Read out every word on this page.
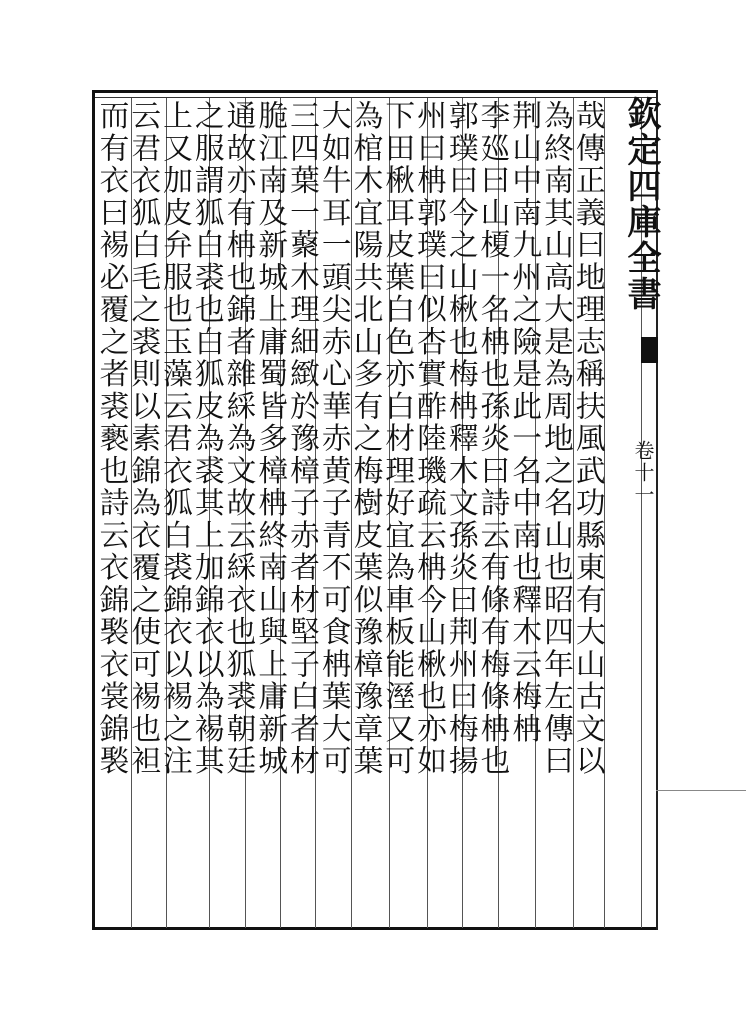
欽定四庫全書
卷十一
哉傳正義曰地理志稱扶風武功縣東有大山古文以
為終南其山高大是為周地之名山也昭四年左傳曰
荆山中南九州之險是此一名中南也釋木云梅柟
李廵曰山榎一名柟也孫炎曰詩云有條有梅條柟也
郭璞曰今之山楸也梅柟釋木文孫炎曰荆州曰梅揚
州曰柟郭璞曰似杏實酢陸璣疏云柟今山楸也亦如
下田楸耳皮葉白色亦白材理好宜為車板能溼又可
為棺木宜陽共北山多有之梅樹皮葉似豫樟豫章葉
大如牛耳一頭尖赤心華赤黄子青不可食柟葉大可
三四葉一藂木理細緻於豫樟子赤者材堅子白者材
脆江南及新城上庸蜀皆多樟柟終南山與上庸新城
通故亦有柟也錦者雜綵為文故云綵衣也狐裘朝廷
之服謂狐白裘也白狐皮為裘其上加錦衣以為裼其
上又加皮弁服也玉藻云君衣狐白裘錦衣以裼之注
云君衣狐白毛之裘則以素錦為衣覆之使可裼也袒
而有衣曰裼必覆之者裘褻也詩云衣錦褧衣裳錦褧
